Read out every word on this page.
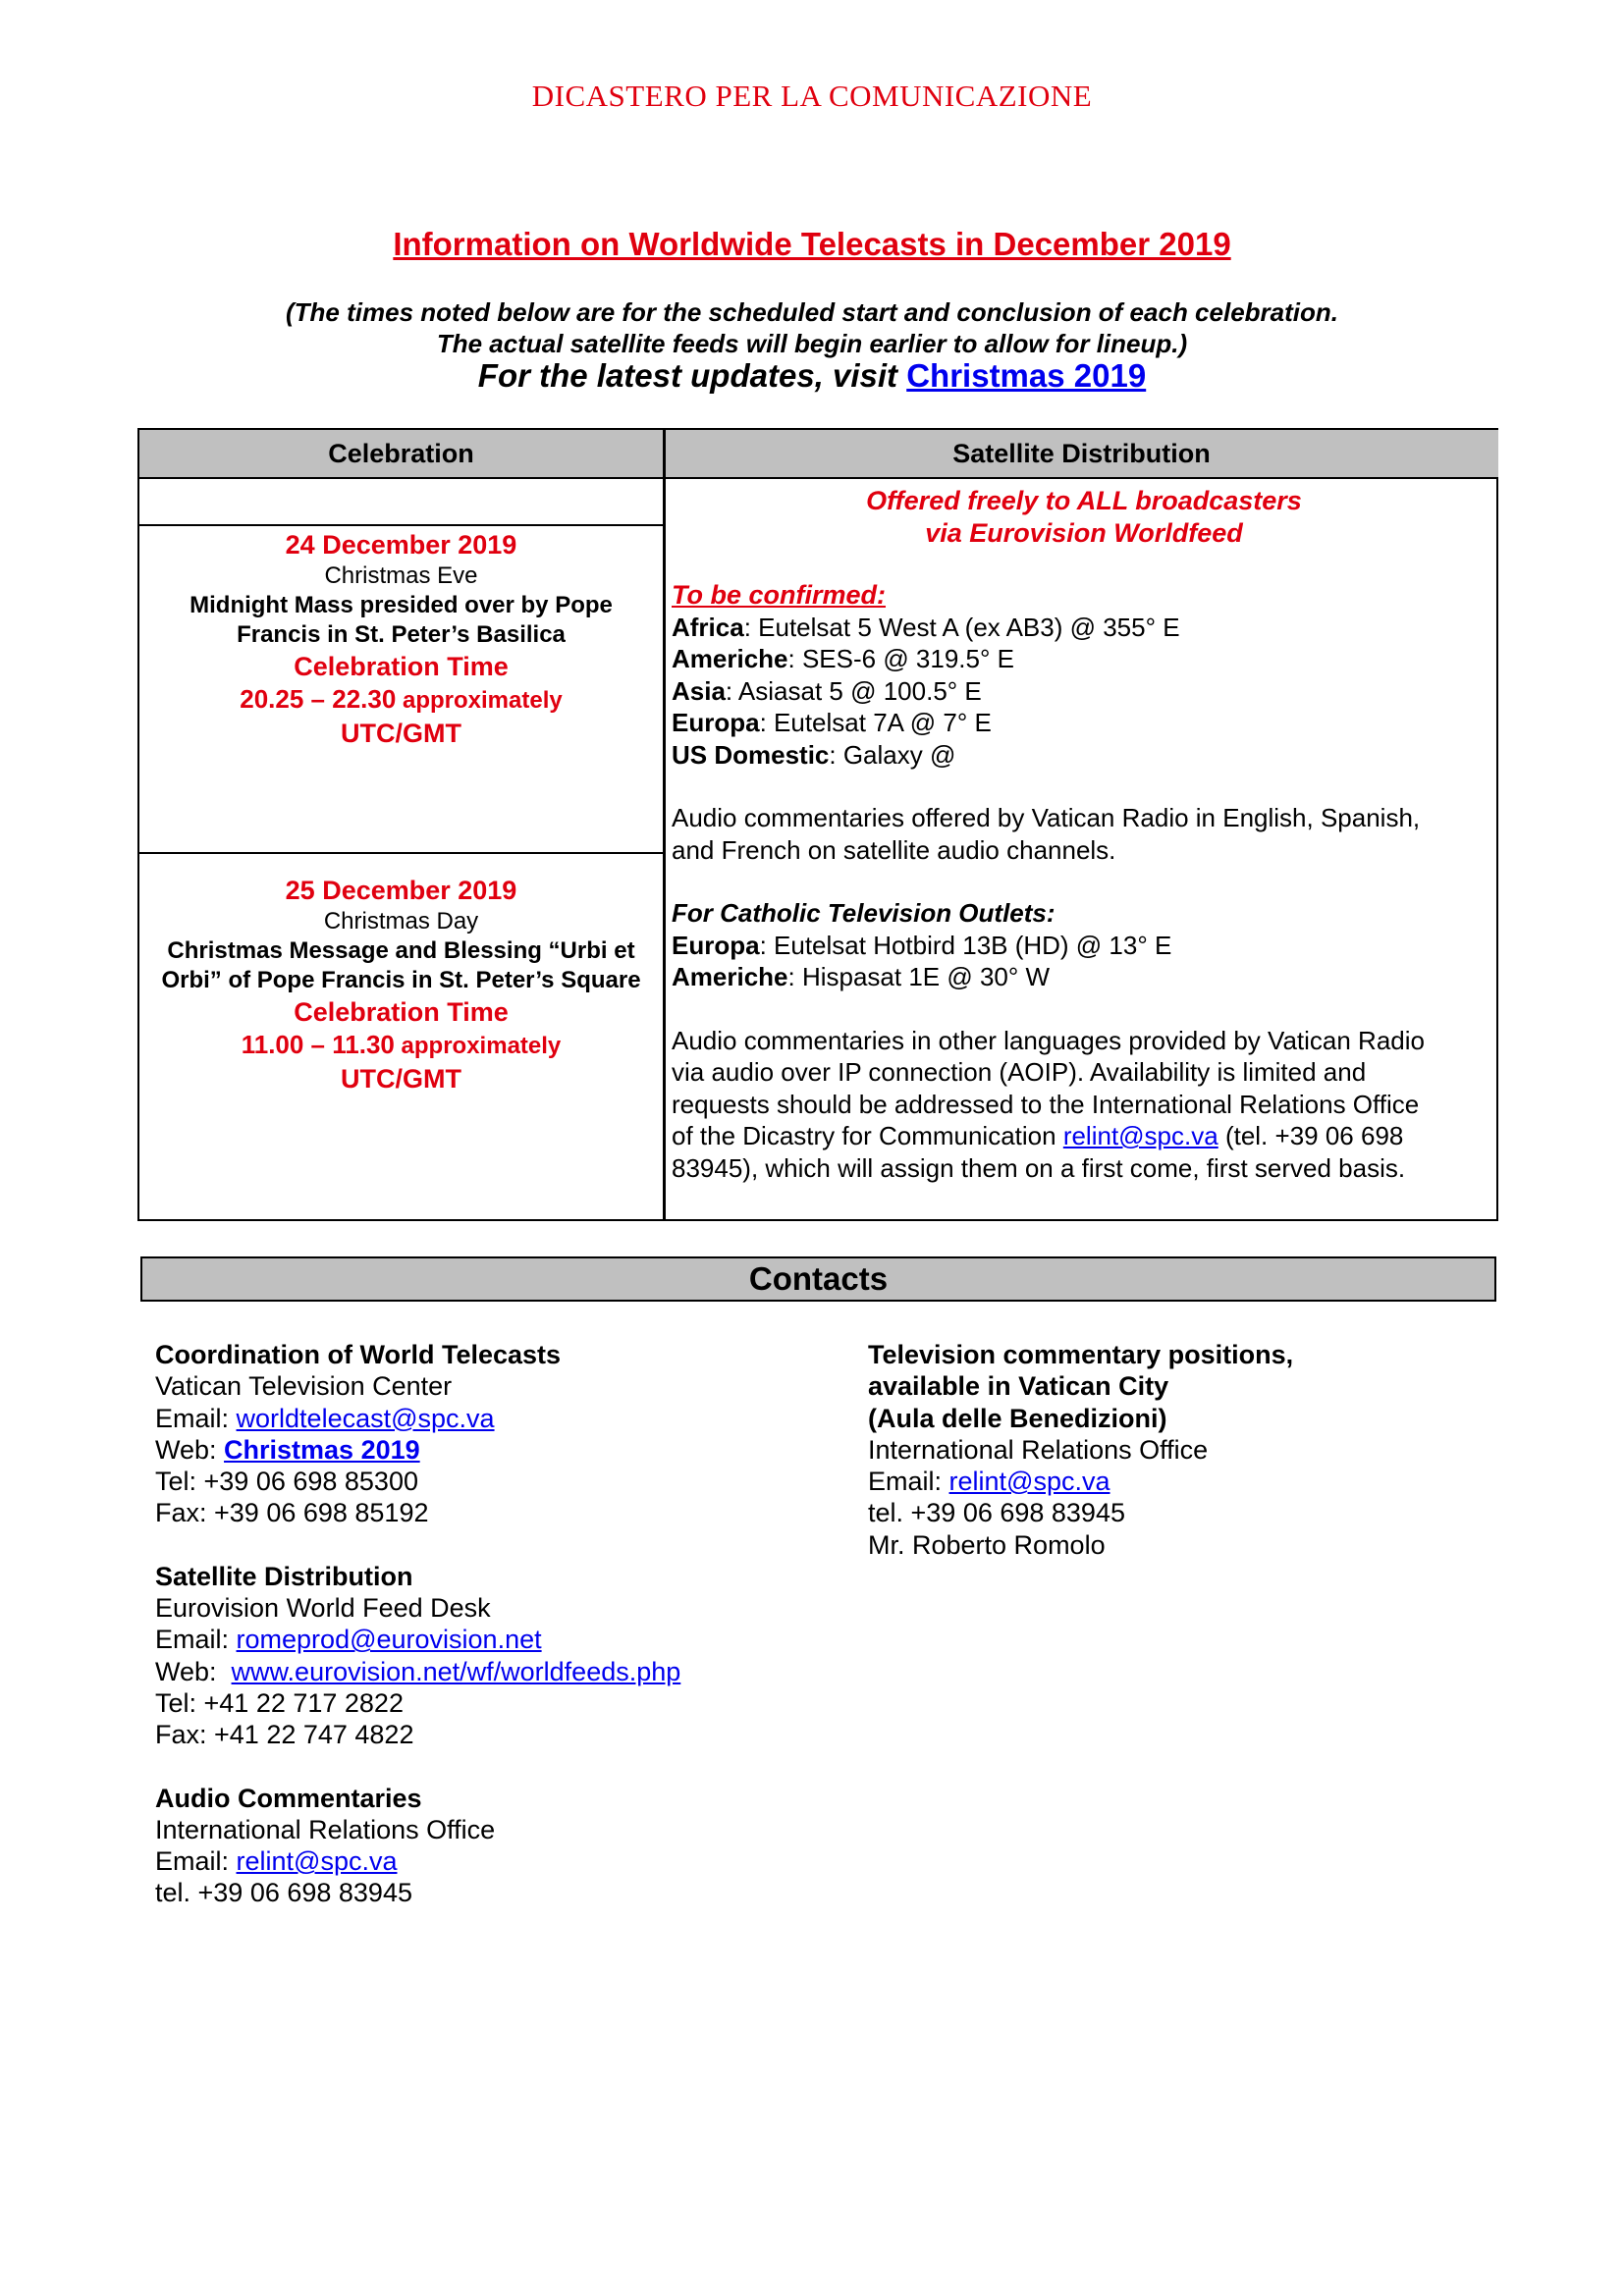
DICASTERO PER LA COMUNICAZIONE
Information on Worldwide Telecasts in December 2019
(The times noted below are for the scheduled start and conclusion of each celebration.
The actual satellite feeds will begin earlier to allow for lineup.)
For the latest updates, visit Christmas 2019
Celebration	Satellite Distribution
24 December 2019
Christmas Eve
Midnight Mass presided over by Pope
Francis in St. Peter’s Basilica
Celebration Time
20.25 – 22.30 approximately
UTC/GMT
25 December 2019
Christmas Day
Christmas Message and Blessing “Urbi et
Orbi” of Pope Francis in St. Peter’s Square
Celebration Time
11.00 – 11.30 approximately
UTC/GMT
Offered freely to ALL broadcasters
via Eurovision Worldfeed
To be confirmed:
Africa: Eutelsat 5 West A (ex AB3) @ 355° E
Americhe: SES-6 @ 319.5° E
Asia: Asiasat 5 @ 100.5° E
Europa: Eutelsat 7A @ 7° E
US Domestic: Galaxy @
Audio commentaries offered by Vatican Radio in English, Spanish,
and French on satellite audio channels.
For Catholic Television Outlets:
Europa: Eutelsat Hotbird 13B (HD) @ 13° E
Americhe: Hispasat 1E @ 30° W
Audio commentaries in other languages provided by Vatican Radio
via audio over IP connection (AOIP). Availability is limited and
requests should be addressed to the International Relations Office
of the Dicastry for Communication relint@spc.va (tel. +39 06 698
83945), which will assign them on a first come, first served basis.
Contacts
Coordination of World Telecasts
Vatican Television Center
Email: worldtelecast@spc.va
Web: Christmas 2019
Tel: +39 06 698 85300
Fax: +39 06 698 85192
Satellite Distribution
Eurovision World Feed Desk
Email: romeprod@eurovision.net
Web:  www.eurovision.net/wf/worldfeeds.php
Tel: +41 22 717 2822
Fax: +41 22 747 4822
Audio Commentaries
International Relations Office
Email: relint@spc.va
tel. +39 06 698 83945
Television commentary positions,
available in Vatican City
(Aula delle Benedizioni)
International Relations Office
Email: relint@spc.va
tel. +39 06 698 83945
Mr. Roberto Romolo
